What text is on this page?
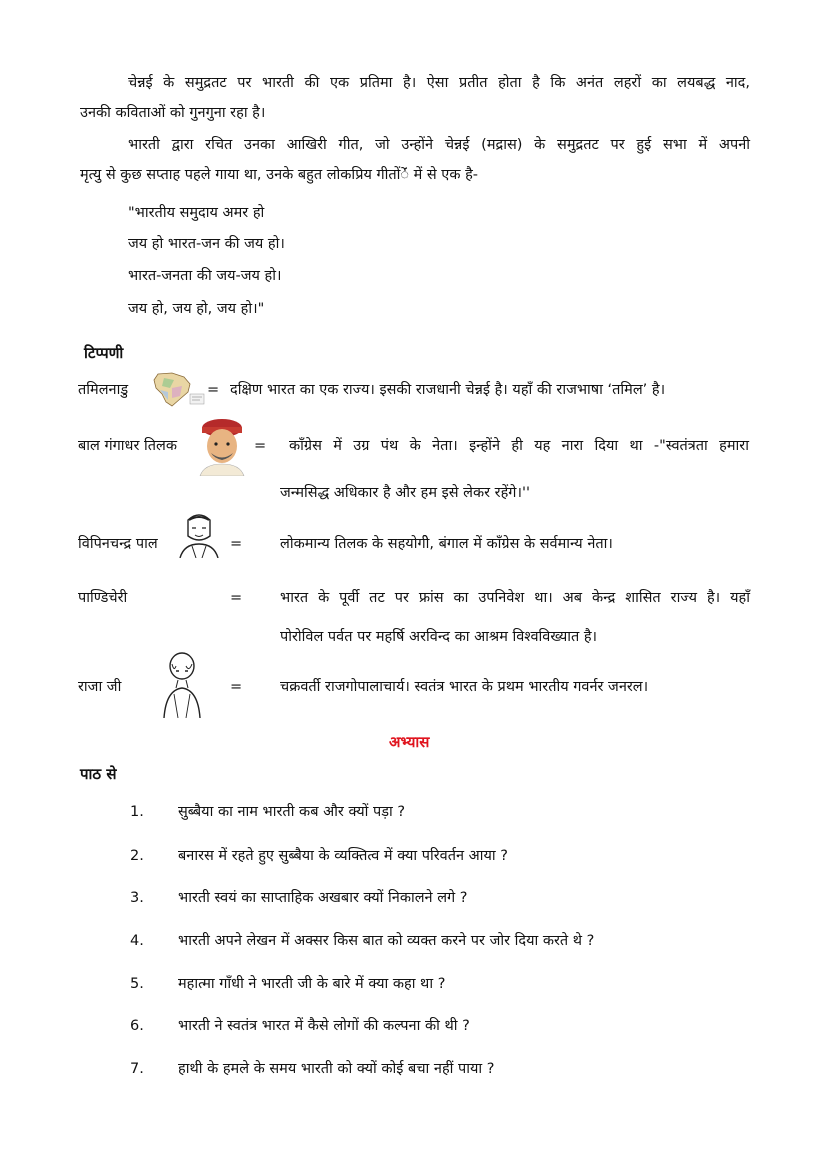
चेन्नई के समुद्रतट पर भारती की एक प्रतिमा है। ऐसा प्रतीत होता है कि अनंत लहरों का लयबद्ध नाद,
उनकी कविताओं को गुनगुना रहा है।
भारती द्वारा रचित उनका आखिरी गीत, जो उन्होंने चेन्नई (मद्रास) के समुद्रतट पर हुई सभा में अपनी
मृत्यु से कुछ सप्ताह पहले गाया था, उनके बहुत लोकप्रिय गीतोंेंं में से एक है-
"भारतीय समुदाय अमर हो
जय हो भारत-जन की जय हो।
भारत-जनता की जय-जय हो।
जय हो, जय हो, जय हो।"
टिप्पणी
तमिलनाडु	= दक्षिण भारत का एक राज्य। इसकी राजधानी चेन्नई है। यहाँ की राजभाषा ‘तमिल’ है।
बाल गंगाधर तिलक	= काँग्रेस में उग्र पंथ के नेता। इन्होंने ही यह नारा दिया था -"स्वतंत्रता हमारा
जन्मसिद्ध अधिकार है और हम इसे लेकर रहेंगे।''
विपिनचन्द्र पाल	=	लोकमान्य तिलक के सहयोगीेे, बंगाल में काँग्रेस के सर्वमान्य नेता।
पाण्डिचेरी	=	भारत के पूर्वी तट पर फ्रांस का उपनिवेश था। अब केन्द्र शासित राज्य है। यहाँ
पोरोविल पर्वत पर महर्षि अरविन्द का आश्रम विश्वविख्यात है।
राजा जी	=	चक्रवर्ती राजगोपालाचार्य। स्वतंत्र भारत के प्रथम भारतीय गवर्नर जनरल।
अभ्यास
पाठ से
1. सुब्बैया का नाम भारती कब और क्यों पड़ा ?
2. बनारस में रहते हुए सुब्बैया के व्यक्तित्व में क्या परिवर्तन आया ?
3. भारती स्वयं का साप्ताहिक अखबार क्यों निकालने लगे ?
4. भारती अपने लेखन में अक्सर किस बात को व्यक्त करने पर जोर दिया करते थे ?
5. महात्मा गाँधी ने भारती जी के बारे में क्या कहा था ?
6. भारती ने स्वतंत्र भारत में कैसे लोगों की कल्पना की थी ?
7. हाथी के हमले के समय भारती को क्यों कोई बचा नहीं पाया ?
